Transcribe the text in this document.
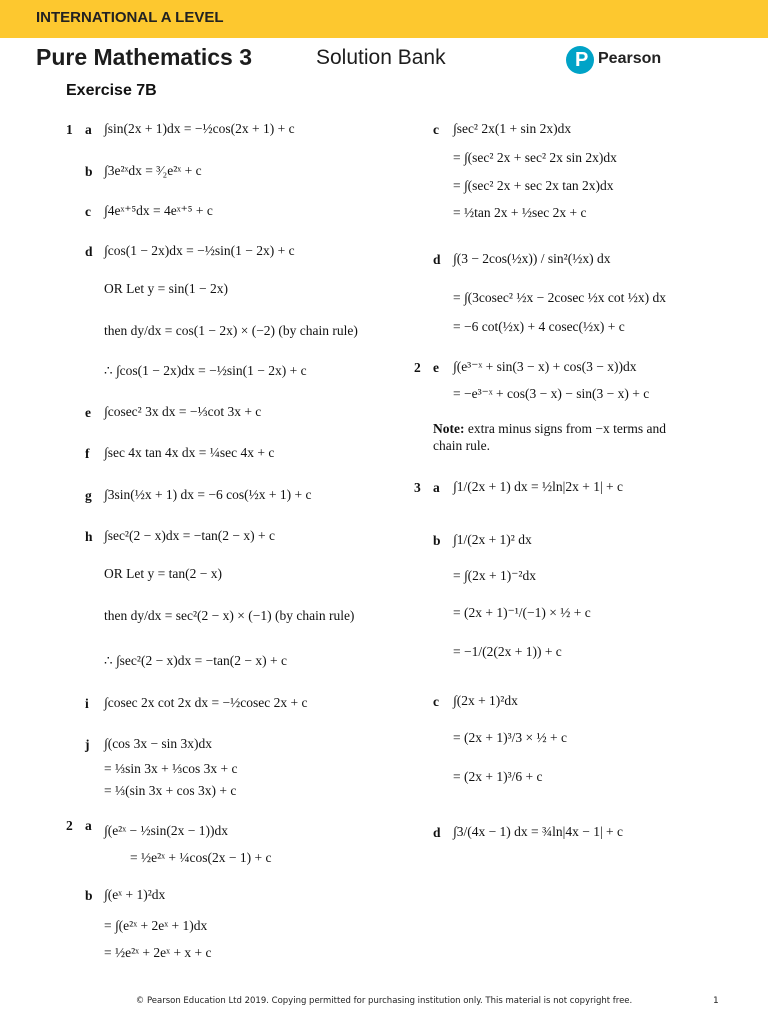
INTERNATIONAL A LEVEL
Pure Mathematics 3	Solution Bank	P Pearson
Exercise 7B
1 a ∫sin(2x + 1)dx = −½cos(2x + 1) + c
b ∫3e²ˣdx = ³⁄₂e²ˣ + c
c ∫4eˣ⁺⁵dx = 4eˣ⁺⁵ + c
d ∫cos(1 − 2x)dx = −½sin(1 − 2x) + c
OR Let y = sin(1 − 2x)
then dy/dx = cos(1 − 2x) × (−2) (by chain rule)
∴ ∫cos(1 − 2x)dx = −½sin(1 − 2x) + c
e ∫cosec² 3x dx = −⅓cot 3x + c
f ∫sec 4x tan 4x dx = ¼sec 4x + c
g ∫3sin(½x + 1) dx = −6 cos(½x + 1) + c
h ∫sec²(2 − x)dx = −tan(2 − x) + c
OR Let y = tan(2 − x)
then dy/dx = sec²(2 − x) × (−1) (by chain rule)
∴ ∫sec²(2 − x)dx = −tan(2 − x) + c
i ∫cosec 2x cot 2x dx = −½cosec 2x + c
j ∫(cos 3x − sin 3x)dx
= ⅓sin 3x + ⅓cos 3x + c
= ⅓(sin 3x + cos 3x) + c
2 a ∫(e²ˣ − ½sin(2x − 1))dx
= ½e²ˣ + ¼cos(2x − 1) + c
b ∫(eˣ + 1)²dx
= ∫(e²ˣ + 2eˣ + 1)dx
= ½e²ˣ + 2eˣ + x + c
c ∫sec² 2x(1 + sin 2x)dx
= ∫(sec² 2x + sec² 2x sin 2x)dx
= ∫(sec² 2x + sec 2x tan 2x)dx
= ½tan 2x + ½sec 2x + c
d ∫(3 − 2cos(½x)) / sin²(½x) dx
= ∫(3cosec² ½x − 2cosec ½x cot ½x) dx
= −6 cot(½x) + 4 cosec(½x) + c
2 e ∫(e³⁻ˣ + sin(3 − x) + cos(3 − x))dx
= −e³⁻ˣ + cos(3 − x) − sin(3 − x) + c
Note: extra minus signs from −x terms and
chain rule.
3 a ∫1/(2x + 1) dx = ½ln|2x + 1| + c
b ∫1/(2x + 1)² dx
= ∫(2x + 1)⁻²dx
= (2x + 1)⁻¹/(−1) × ½ + c
= −1/(2(2x + 1)) + c
c ∫(2x + 1)²dx
= (2x + 1)³/3 × ½ + c
= (2x + 1)³/6 + c
d ∫3/(4x − 1) dx = ¾ln|4x − 1| + c
© Pearson Education Ltd 2019. Copying permitted for purchasing institution only. This material is not copyright free.	1
